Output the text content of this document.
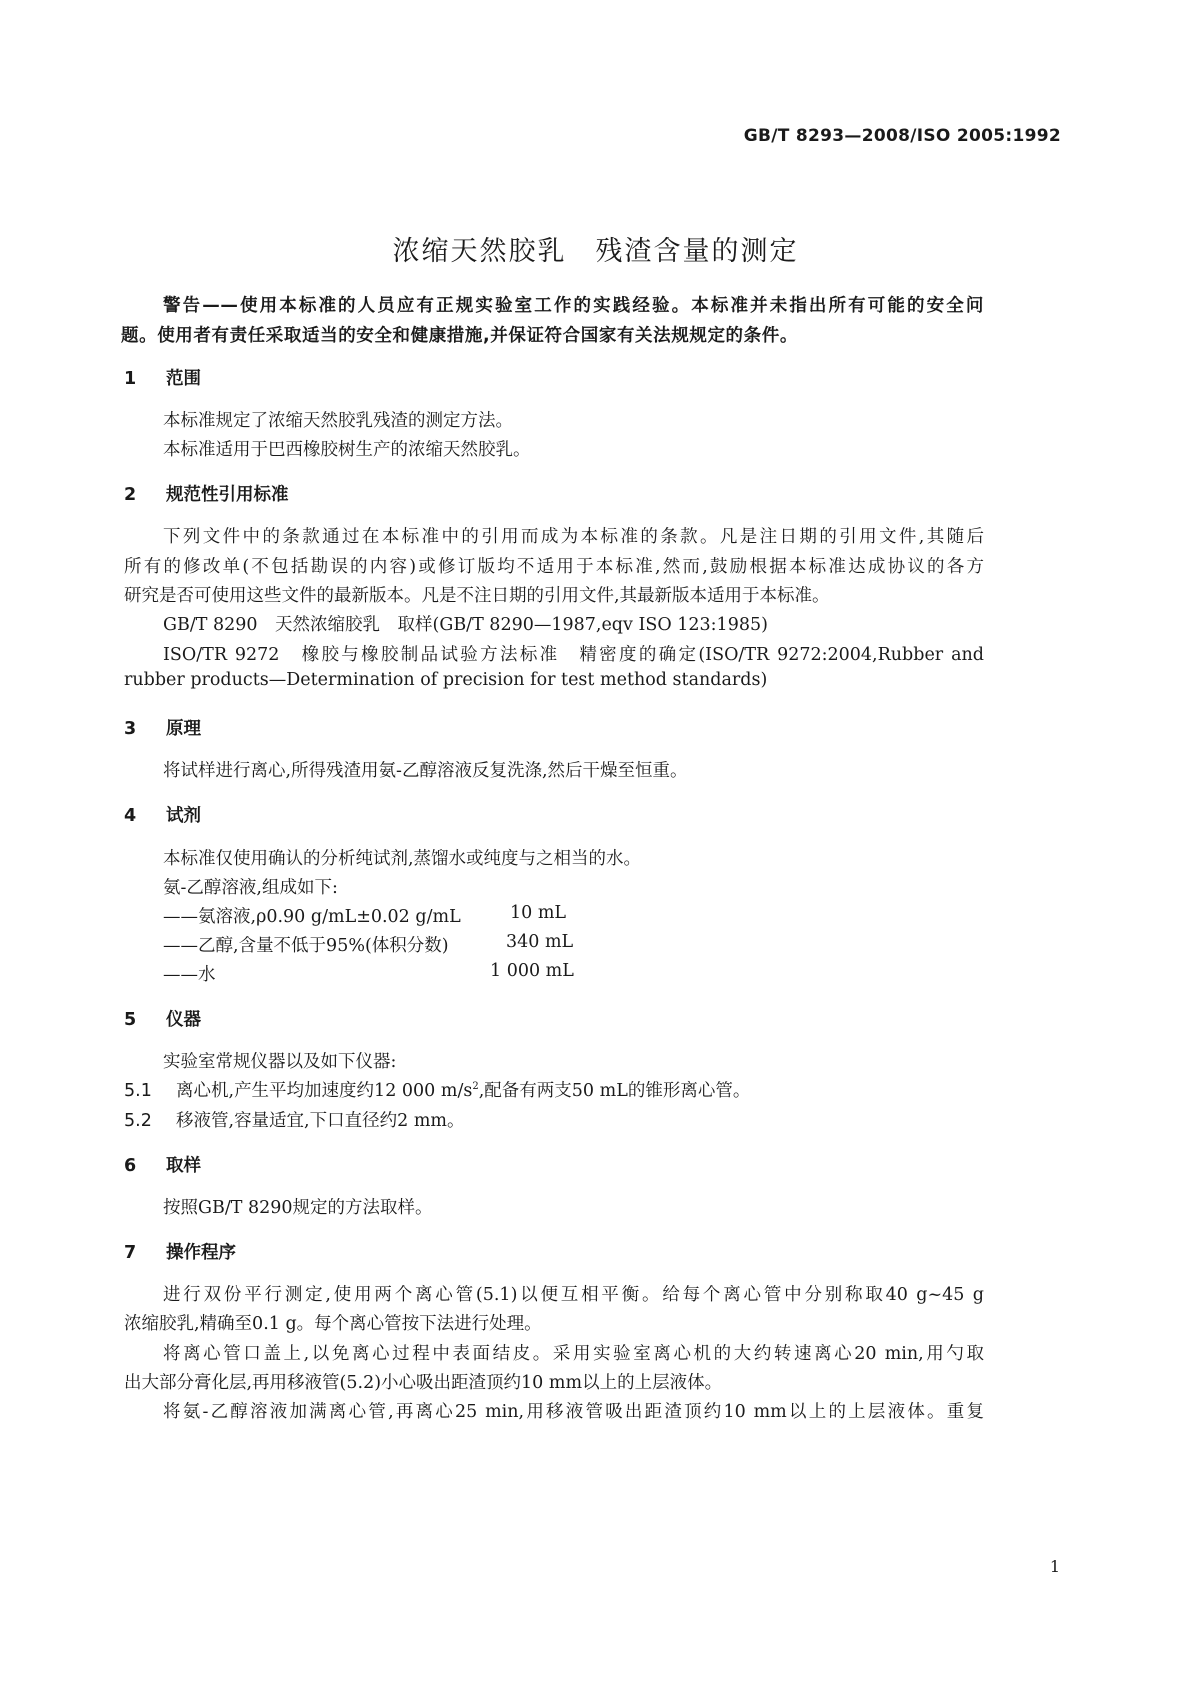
GB/T 8293—2008/ISO 2005:1992
浓缩天然胶乳　残渣含量的测定
警告——使用本标准的人员应有正规实验室工作的实践经验。本标准并未指出所有可能的安全问
题。使用者有责任采取适当的安全和健康措施,并保证符合国家有关法规规定的条件。
1 范围
本标准规定了浓缩天然胶乳残渣的测定方法。
本标准适用于巴西橡胶树生产的浓缩天然胶乳。
2 规范性引用标准
下列文件中的条款通过在本标准中的引用而成为本标准的条款。凡是注日期的引用文件,其随后
所有的修改单(不包括勘误的内容)或修订版均不适用于本标准,然而,鼓励根据本标准达成协议的各方
研究是否可使用这些文件的最新版本。凡是不注日期的引用文件,其最新版本适用于本标准。
GB/T 8290　天然浓缩胶乳　取样(GB/T 8290—1987,eqv ISO 123:1985)
ISO/TR 9272　橡胶与橡胶制品试验方法标准　精密度的确定(ISO/TR 9272:2004,Rubber and
rubber products—Determination of precision for test method standards)
3 原理
将试样进行离心,所得残渣用氨-乙醇溶液反复洗涤,然后干燥至恒重。
4 试剂
本标准仅使用确认的分析纯试剂,蒸馏水或纯度与之相当的水。
氨-乙醇溶液,组成如下:
——氨溶液,ρ0.90 g/mL±0.02 g/mL	10 mL
——乙醇,含量不低于95%(体积分数)	340 mL
——水	1 000 mL
5 仪器
实验室常规仪器以及如下仪器:
5.1 离心机,产生平均加速度约12 000 $m/s^2$,配备有两支50 mL的锥形离心管。
5.2 移液管,容量适宜,下口直径约2 mm。
6 取样
按照GB/T 8290规定的方法取样。
7 操作程序
进行双份平行测定,使用两个离心管(5.1)以便互相平衡。给每个离心管中分别称取40 g~45 g
浓缩胶乳,精确至0.1 g。每个离心管按下法进行处理。
将离心管口盖上,以免离心过程中表面结皮。采用实验室离心机的大约转速离心20 min,用勺取
出大部分膏化层,再用移液管(5.2)小心吸出距渣顶约10 mm以上的上层液体。
将氨-乙醇溶液加满离心管,再离心25 min,用移液管吸出距渣顶约10 mm以上的上层液体。重复
1
